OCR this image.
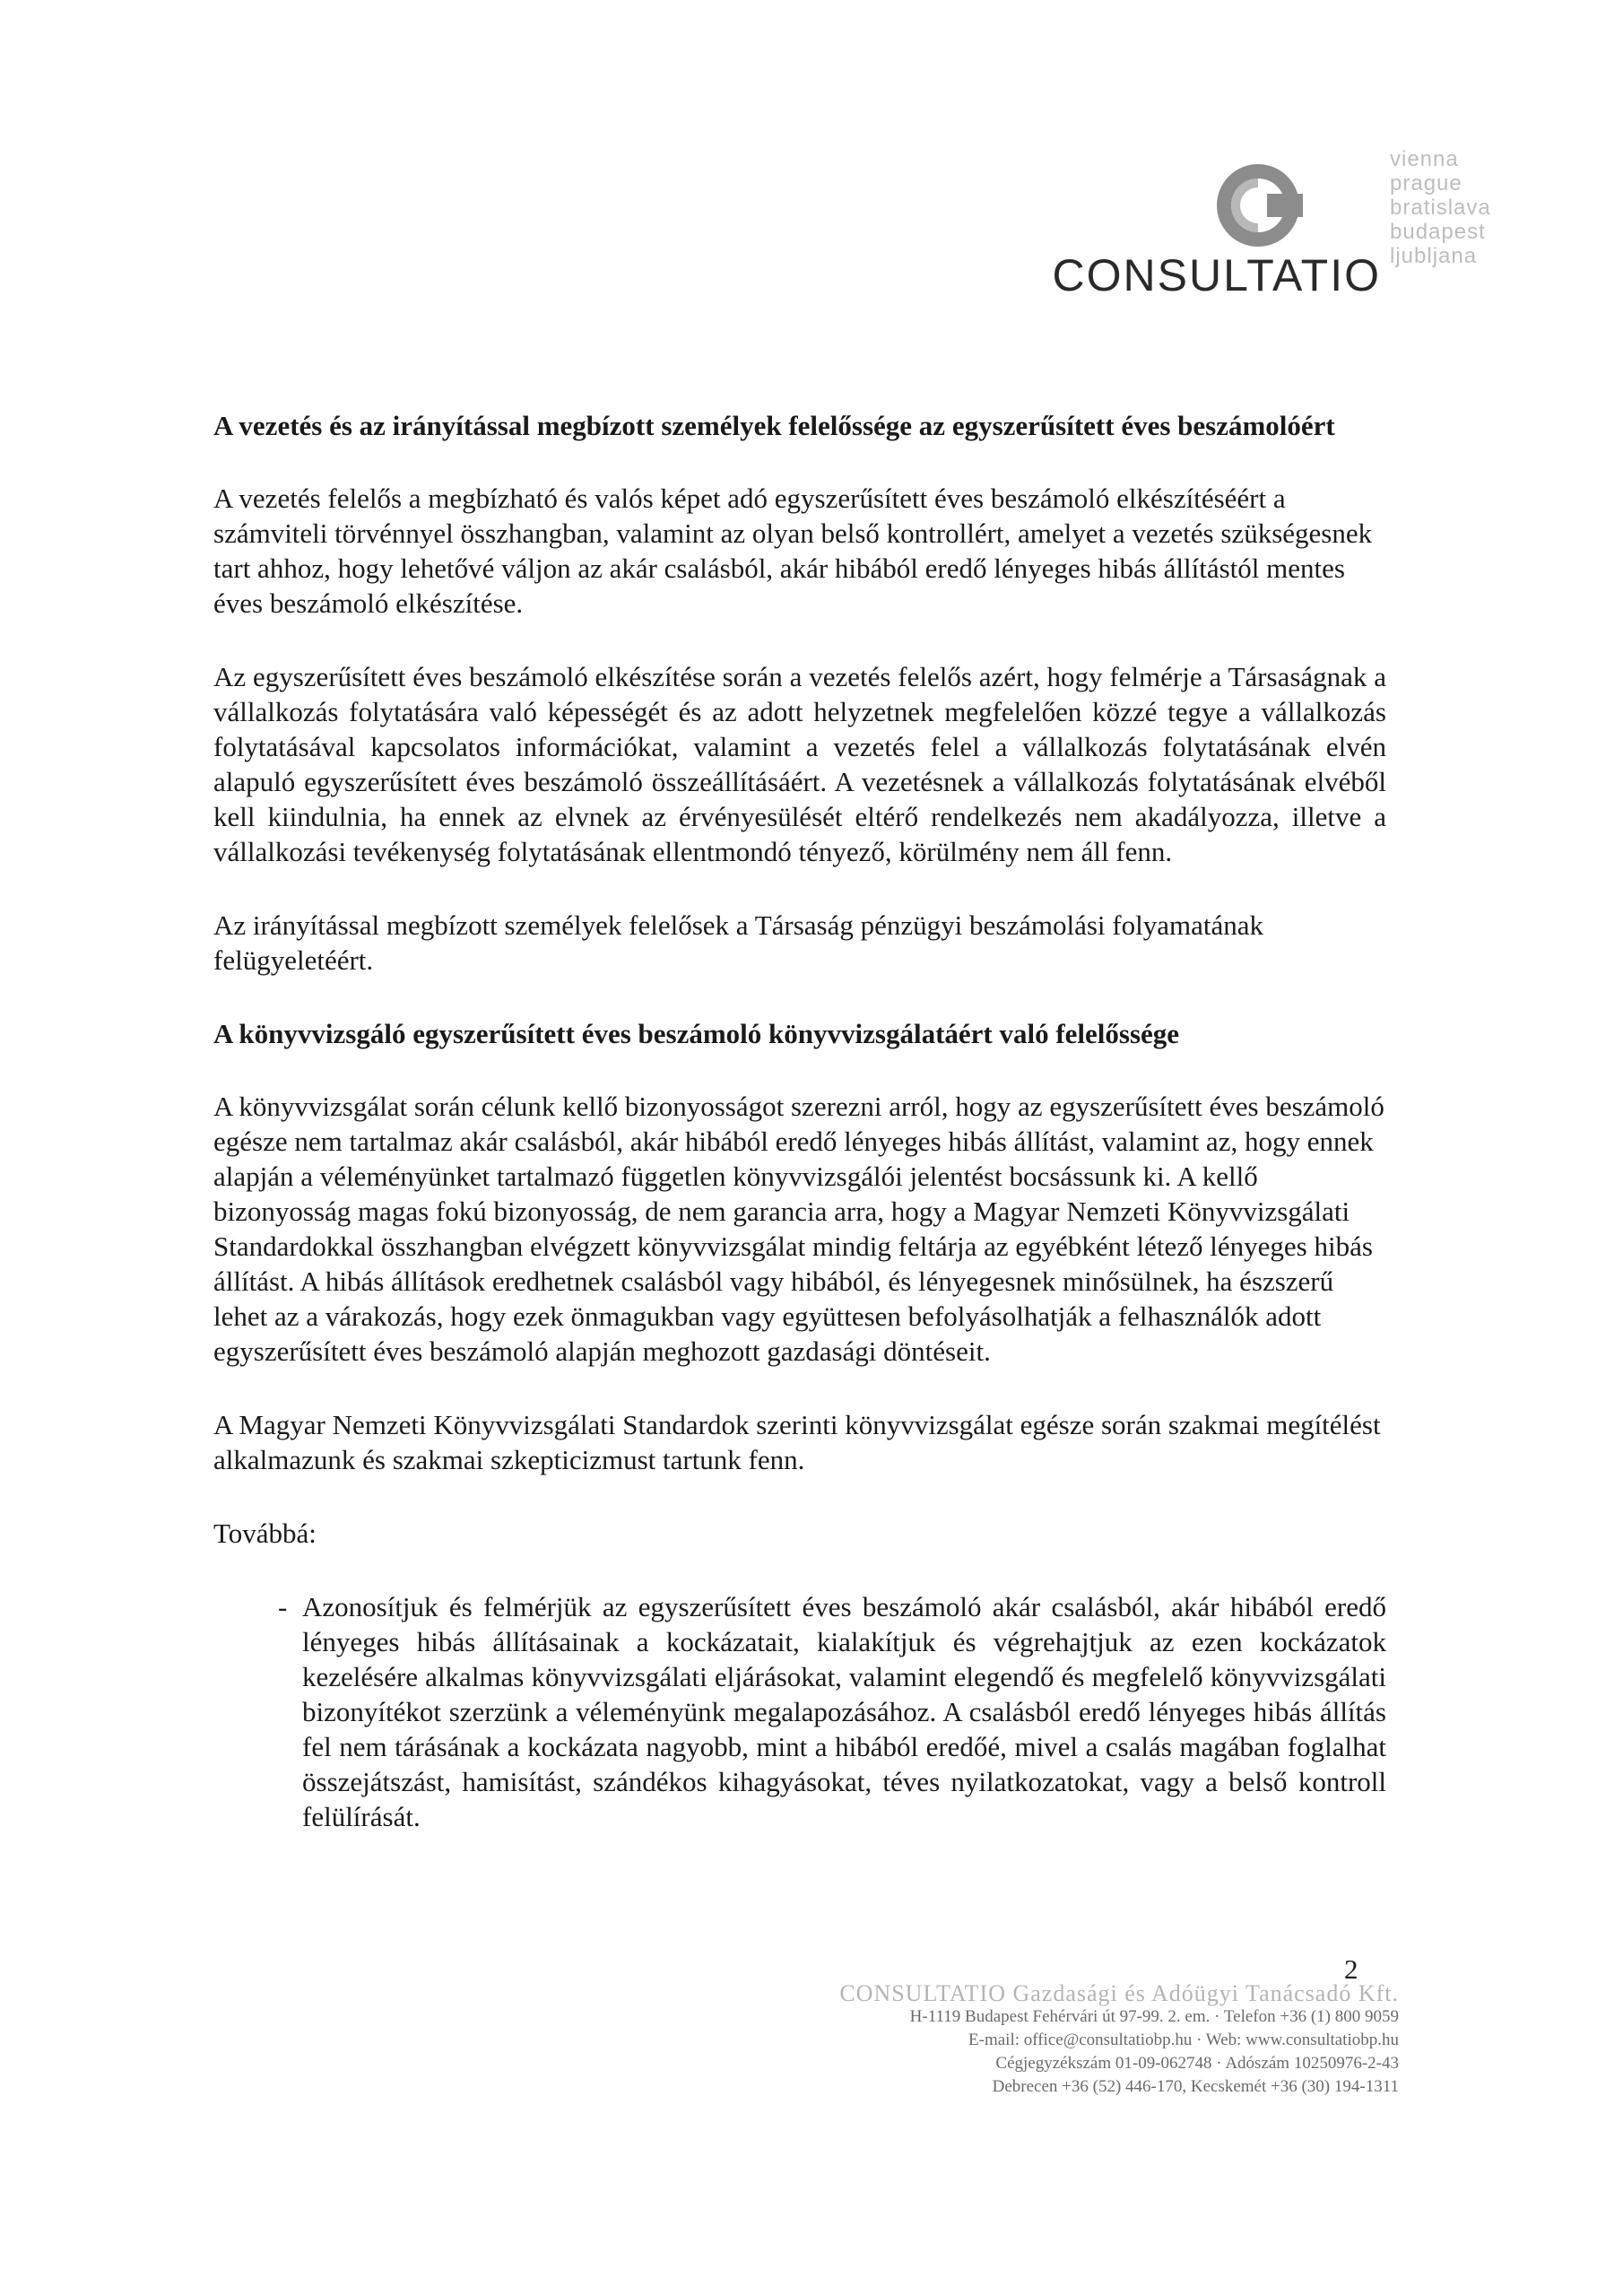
CONSULTATIO
vienna
prague
bratislava
budapest
ljubljana
A vezetés és az irányítással megbízott személyek felelőssége az egyszerűsített éves beszámolóért
A vezetés felelős a megbízható és valós képet adó egyszerűsített éves beszámoló elkészítéséért a számviteli törvénnyel összhangban, valamint az olyan belső kontrollért, amelyet a vezetés szükségesnek tart ahhoz, hogy lehetővé váljon az akár csalásból, akár hibából eredő lényeges hibás állítástól mentes éves beszámoló elkészítése.
Az egyszerűsített éves beszámoló elkészítése során a vezetés felelős azért, hogy felmérje a Társaságnak a vállalkozás folytatására való képességét és az adott helyzetnek megfelelően közzé tegye a vállalkozás folytatásával kapcsolatos információkat, valamint a vezetés felel a vállalkozás folytatásának elvén alapuló egyszerűsített éves beszámoló összeállításáért. A vezetésnek a vállalkozás folytatásának elvéből kell kiindulnia, ha ennek az elvnek az érvényesülését eltérő rendelkezés nem akadályozza, illetve a vállalkozási tevékenység folytatásának ellentmondó tényező, körülmény nem áll fenn.
Az irányítással megbízott személyek felelősek a Társaság pénzügyi beszámolási folyamatának felügyeletéért.
A könyvvizsgáló egyszerűsített éves beszámoló könyvvizsgálatáért való felelőssége
A könyvvizsgálat során célunk kellő bizonyosságot szerezni arról, hogy az egyszerűsített éves beszámoló egésze nem tartalmaz akár csalásból, akár hibából eredő lényeges hibás állítást, valamint az, hogy ennek alapján a véleményünket tartalmazó független könyvvizsgálói jelentést bocsássunk ki. A kellő bizonyosság magas fokú bizonyosság, de nem garancia arra, hogy a Magyar Nemzeti Könyvvizsgálati Standardokkal összhangban elvégzett könyvvizsgálat mindig feltárja az egyébként létező lényeges hibás állítást. A hibás állítások eredhetnek csalásból vagy hibából, és lényegesnek minősülnek, ha észszerű lehet az a várakozás, hogy ezek önmagukban vagy együttesen befolyásolhatják a felhasználók adott egyszerűsített éves beszámoló alapján meghozott gazdasági döntéseit.
A Magyar Nemzeti Könyvvizsgálati Standardok szerinti könyvvizsgálat egésze során szakmai megítélést alkalmazunk és szakmai szkepticizmust tartunk fenn.
Továbbá:
- Azonosítjuk és felmérjük az egyszerűsített éves beszámoló akár csalásból, akár hibából eredő lényeges hibás állításainak a kockázatait, kialakítjuk és végrehajtjuk az ezen kockázatok kezelésére alkalmas könyvvizsgálati eljárásokat, valamint elegendő és megfelelő könyvvizsgálati bizonyítékot szerzünk a véleményünk megalapozásához. A csalásból eredő lényeges hibás állítás fel nem tárásának a kockázata nagyobb, mint a hibából eredőé, mivel a csalás magában foglalhat összejátszást, hamisítást, szándékos kihagyásokat, téves nyilatkozatokat, vagy a belső kontroll felülírását.
2
CONSULTATIO Gazdasági és Adóügyi Tanácsadó Kft.
H-1119 Budapest Fehérvári út 97-99. 2. em. · Telefon +36 (1) 800 9059
E-mail: office@consultatiobp.hu · Web: www.consultatiobp.hu
Cégjegyzékszám 01-09-062748 · Adószám 10250976-2-43
Debrecen +36 (52) 446-170, Kecskemét +36 (30) 194-1311
